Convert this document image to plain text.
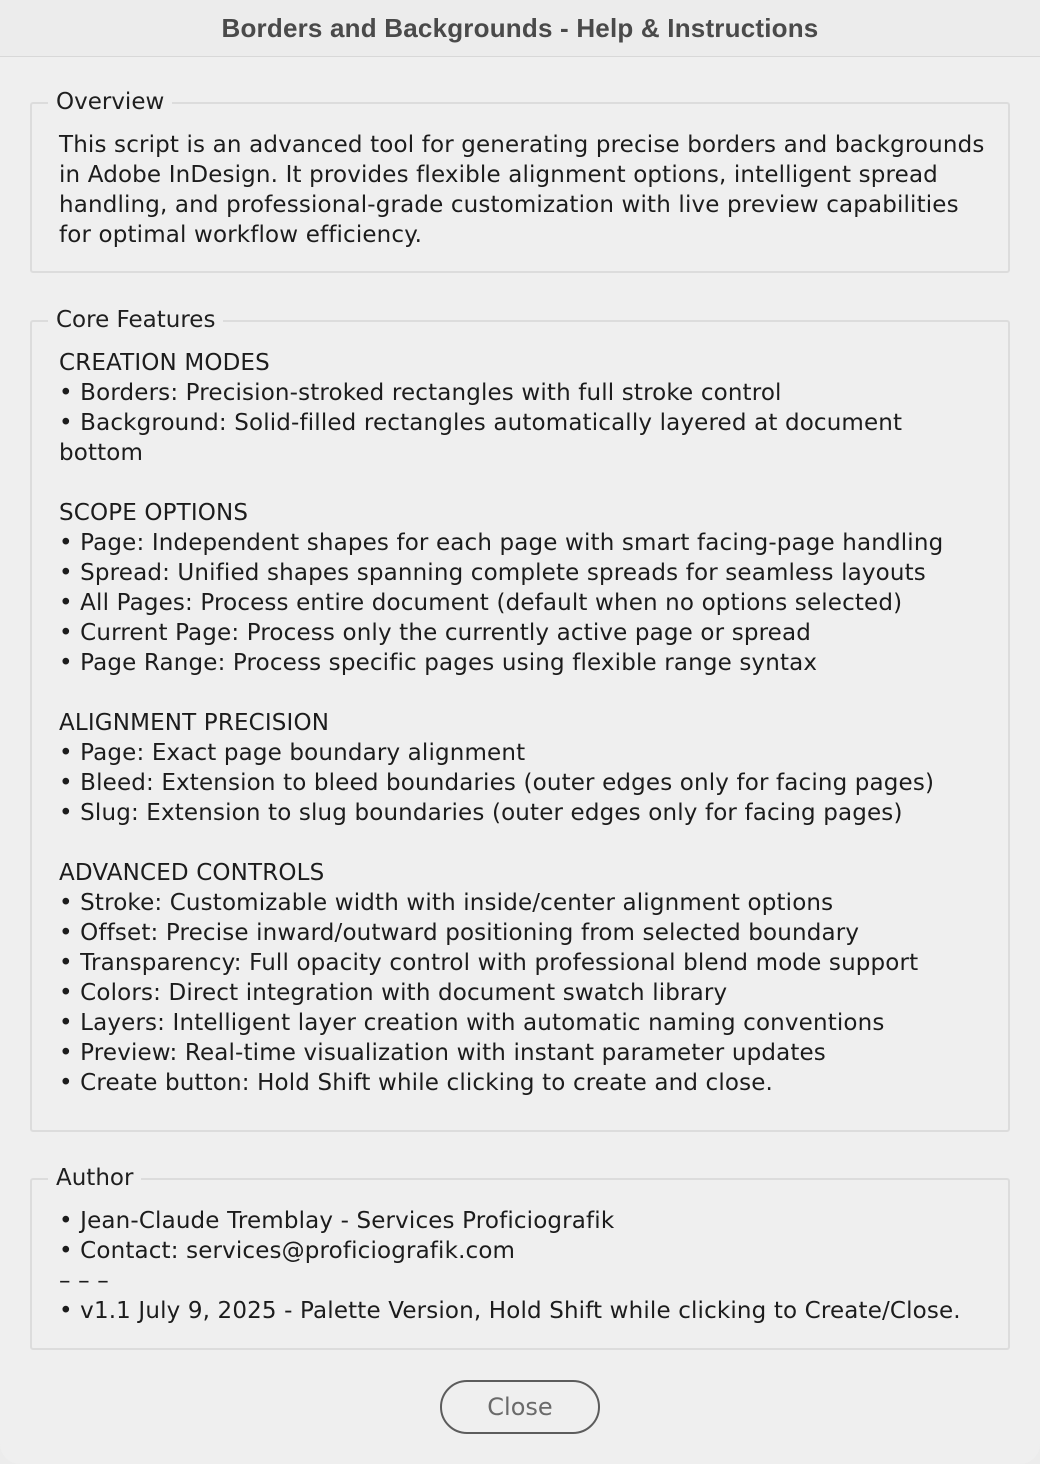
Borders and Backgrounds - Help & Instructions
Overview
This script is an advanced tool for generating precise borders and backgrounds in Adobe InDesign. It provides flexible alignment options, intelligent spread handling, and professional-grade customization with live preview capabilities for optimal workflow efficiency.
Core Features
CREATION MODES
• Borders: Precision-stroked rectangles with full stroke control
• Background: Solid-filled rectangles automatically layered at document
bottom
SCOPE OPTIONS
• Page: Independent shapes for each page with smart facing-page handling
• Spread: Unified shapes spanning complete spreads for seamless layouts
• All Pages: Process entire document (default when no options selected)
• Current Page: Process only the currently active page or spread
• Page Range: Process specific pages using flexible range syntax
ALIGNMENT PRECISION
• Page: Exact page boundary alignment
• Bleed: Extension to bleed boundaries (outer edges only for facing pages)
• Slug: Extension to slug boundaries (outer edges only for facing pages)
ADVANCED CONTROLS
• Stroke: Customizable width with inside/center alignment options
• Offset: Precise inward/outward positioning from selected boundary
• Transparency: Full opacity control with professional blend mode support
• Colors: Direct integration with document swatch library
• Layers: Intelligent layer creation with automatic naming conventions
• Preview: Real-time visualization with instant parameter updates
• Create button: Hold Shift while clicking to create and close.
Author
• Jean-Claude Tremblay - Services Proficiografik
• Contact: services@proficiografik.com
– – –
• v1.1 July 9, 2025 - Palette Version, Hold Shift while clicking to Create/Close.
Close
